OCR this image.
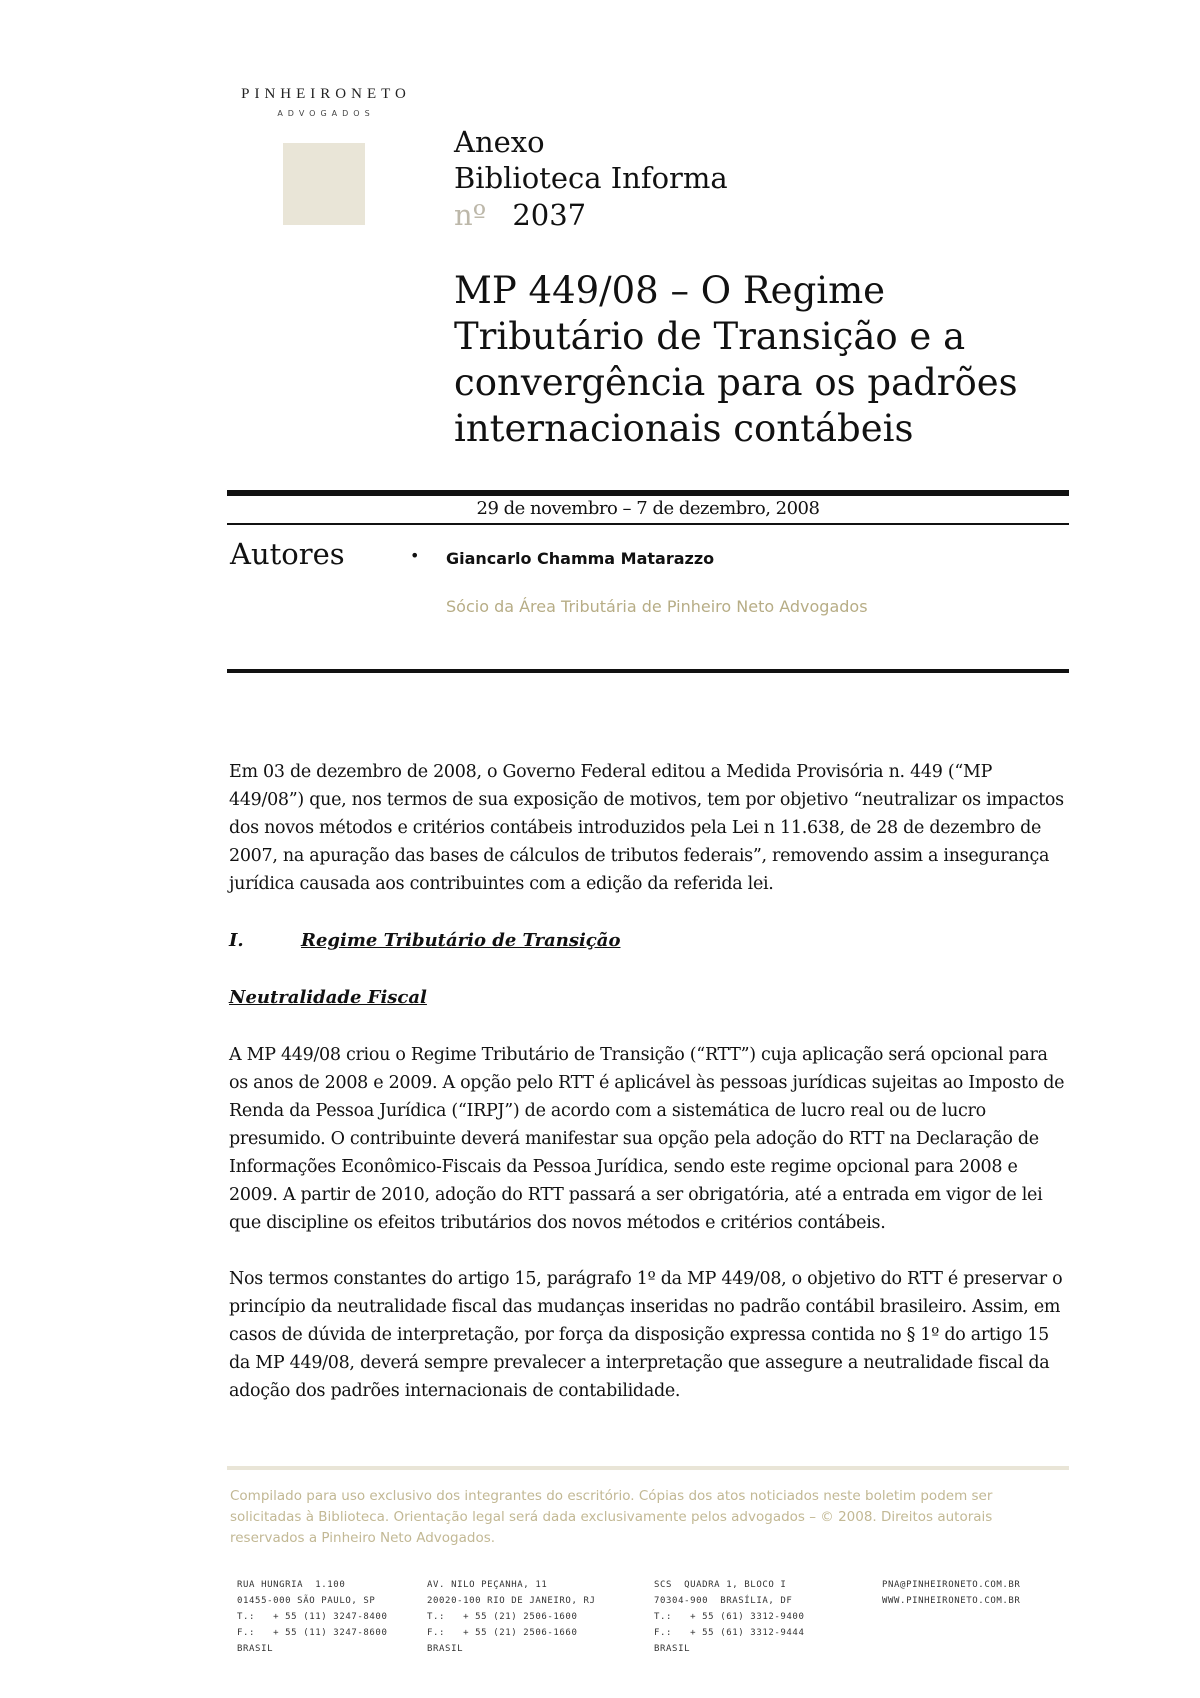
PINHEIRONETO
ADVOGADOS
Anexo
Biblioteca Informa
nº 2037
MP 449/08 – O Regime
Tributário de Transição e a
convergência para os padrões
internacionais contábeis
29 de novembro – 7 de dezembro, 2008
Autores	• Giancarlo Chamma Matarazzo
Sócio da Área Tributária de Pinheiro Neto Advogados

Em 03 de dezembro de 2008, o Governo Federal editou a Medida Provisória n. 449 (“MP 449/08”) que, nos termos de sua exposição de motivos, tem por objetivo “neutralizar os impactos dos novos métodos e critérios contábeis introduzidos pela Lei n 11.638, de 28 de dezembro de 2007, na apuração das bases de cálculos de tributos federais”, removendo assim a insegurança jurídica causada aos contribuintes com a edição da referida lei.

I.	Regime Tributário de Transição
Neutralidade Fiscal

A MP 449/08 criou o Regime Tributário de Transição (“RTT”) cuja aplicação será opcional para os anos de 2008 e 2009. A opção pelo RTT é aplicável às pessoas jurídicas sujeitas ao Imposto de Renda da Pessoa Jurídica (“IRPJ”) de acordo com a sistemática de lucro real ou de lucro presumido. O contribuinte deverá manifestar sua opção pela adoção do RTT na Declaração de Informações Econômico-Fiscais da Pessoa Jurídica, sendo este regime opcional para 2008 e 2009. A partir de 2010, adoção do RTT passará a ser obrigatória, até a entrada em vigor de lei que discipline os efeitos tributários dos novos métodos e critérios contábeis.

Nos termos constantes do artigo 15, parágrafo 1º da MP 449/08, o objetivo do RTT é preservar o princípio da neutralidade fiscal das mudanças inseridas no padrão contábil brasileiro. Assim, em casos de dúvida de interpretação, por força da disposição expressa contida no § 1º do artigo 15 da MP 449/08, deverá sempre prevalecer a interpretação que assegure a neutralidade fiscal da adoção dos padrões internacionais de contabilidade.

Compilado para uso exclusivo dos integrantes do escritório. Cópias dos atos noticiados neste boletim podem ser solicitadas à Biblioteca. Orientação legal será dada exclusivamente pelos advogados – © 2008. Direitos autorais reservados a Pinheiro Neto Advogados.

RUA HUNGRIA  1.100
01455-000 SÃO PAULO, SP
T.:   + 55 (11) 3247-8400
F.:   + 55 (11) 3247-8600
BRASIL
AV. NILO PEÇANHA, 11
20020-100 RIO DE JANEIRO, RJ
T.:   + 55 (21) 2506-1600
F.:   + 55 (21) 2506-1660
BRASIL
SCS  QUADRA 1, BLOCO I
70304-900  BRASÍLIA, DF
T.:   + 55 (61) 3312-9400
F.:   + 55 (61) 3312-9444
BRASIL
PNA@PINHEIRONETO.COM.BR
WWW.PINHEIRONETO.COM.BR
